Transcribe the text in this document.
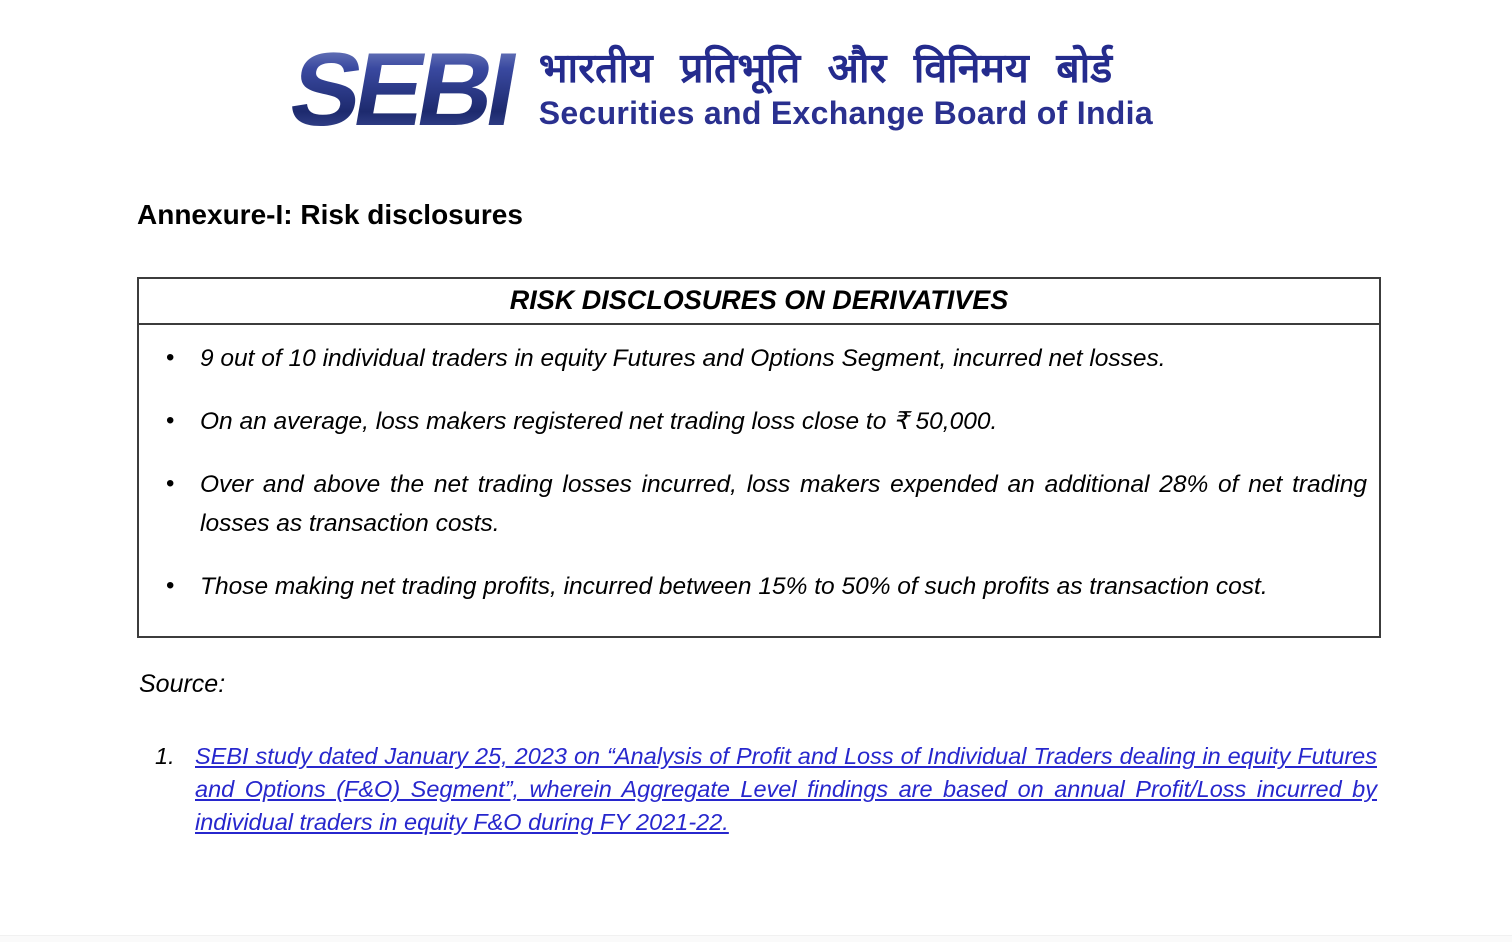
SEBI भारतीय प्रतिभूति और विनिमय बोर्ड
Securities and Exchange Board of India
Annexure-I: Risk disclosures
RISK DISCLOSURES ON DERIVATIVES
•	9 out of 10 individual traders in equity Futures and Options Segment, incurred net losses.
•	On an average, loss makers registered net trading loss close to ₹ 50,000.
•	Over and above the net trading losses incurred, loss makers expended an additional 28% of net trading losses as transaction costs.
•	Those making net trading profits, incurred between 15% to 50% of such profits as transaction cost.
Source:
1. SEBI study dated January 25, 2023 on “Analysis of Profit and Loss of Individual Traders dealing in equity Futures and Options (F&O) Segment”, wherein Aggregate Level findings are based on annual Profit/Loss incurred by individual traders in equity F&O during FY 2021-22.
